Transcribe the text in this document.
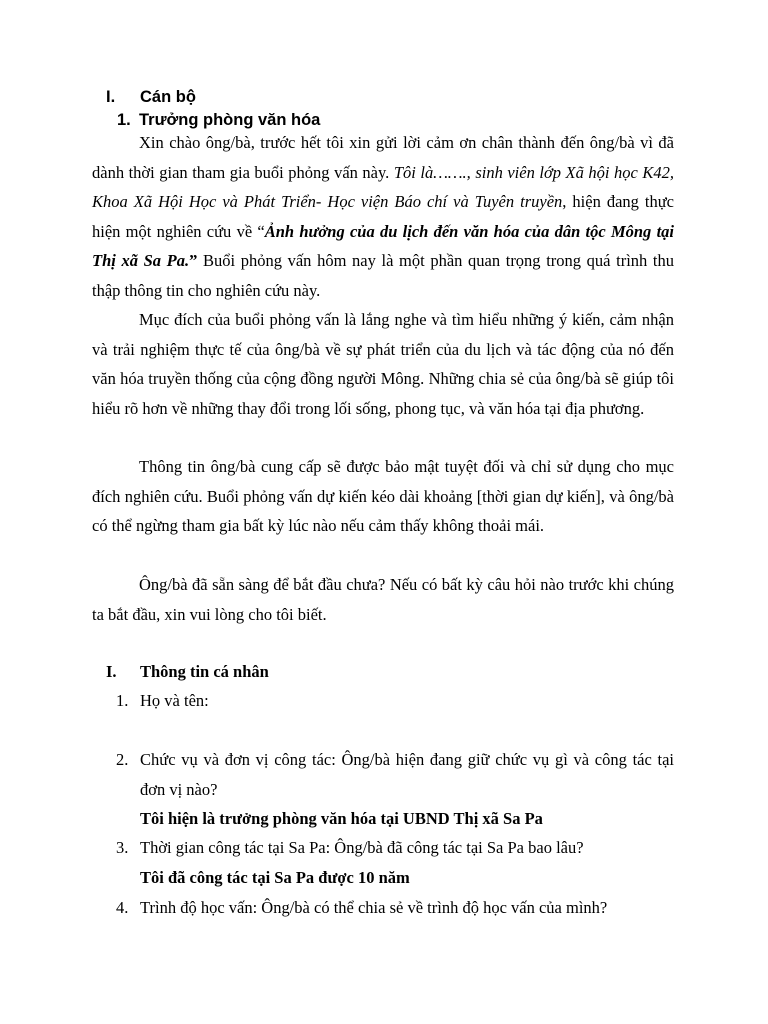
I. Cán bộ
1. Trưởng phòng văn hóa

Xin chào ông/bà, trước hết tôi xin gửi lời cảm ơn chân thành đến ông/bà vì đã dành thời gian tham gia buổi phỏng vấn này. Tôi là……., sinh viên lớp Xã hội học K42, Khoa Xã Hội Học và Phát Triển- Học viện Báo chí và Tuyên truyền, hiện đang thực hiện một nghiên cứu về “Ảnh hưởng của du lịch đến văn hóa của dân tộc Mông tại Thị xã Sa Pa.” Buổi phỏng vấn hôm nay là một phần quan trọng trong quá trình thu thập thông tin cho nghiên cứu này.

Mục đích của buổi phỏng vấn là lắng nghe và tìm hiểu những ý kiến, cảm nhận và trải nghiệm thực tế của ông/bà về sự phát triển của du lịch và tác động của nó đến văn hóa truyền thống của cộng đồng người Mông. Những chia sẻ của ông/bà sẽ giúp tôi hiểu rõ hơn về những thay đổi trong lối sống, phong tục, và văn hóa tại địa phương.

Thông tin ông/bà cung cấp sẽ được bảo mật tuyệt đối và chỉ sử dụng cho mục đích nghiên cứu. Buổi phỏng vấn dự kiến kéo dài khoảng [thời gian dự kiến], và ông/bà có thể ngừng tham gia bất kỳ lúc nào nếu cảm thấy không thoải mái.

Ông/bà đã sẵn sàng để bắt đầu chưa? Nếu có bất kỳ câu hỏi nào trước khi chúng ta bắt đầu, xin vui lòng cho tôi biết.

I. Thông tin cá nhân
1. Họ và tên:
2. Chức vụ và đơn vị công tác: Ông/bà hiện đang giữ chức vụ gì và công tác tại đơn vị nào?
Tôi hiện là trưởng phòng văn hóa tại UBND Thị xã Sa Pa
3. Thời gian công tác tại Sa Pa: Ông/bà đã công tác tại Sa Pa bao lâu?
Tôi đã công tác tại Sa Pa được 10 năm
4. Trình độ học vấn: Ông/bà có thể chia sẻ về trình độ học vấn của mình?
